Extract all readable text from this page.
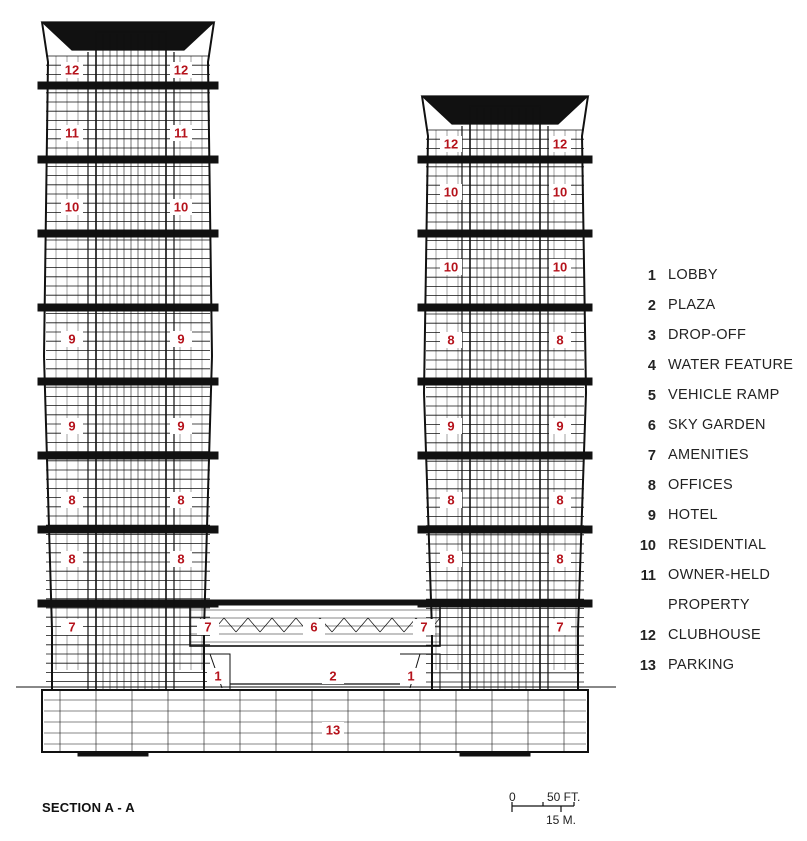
12	12
11	11
10	10
9	9
9	9
8	8
8	8
7
12	12
10	10
10	10
8	8
9	9
8	8
8	8
7
7	7
6
1	1
2
13
1 LOBBY
2 PLAZA
3 DROP-OFF
4 WATER FEATURE
5 VEHICLE RAMP
6 SKY GARDEN
7 AMENITIES
8 OFFICES
9 HOTEL
10 RESIDENTIAL
11 OWNER-HELD PROPERTY
12 CLUBHOUSE
13 PARKING
SECTION A - A
0	50 FT.
15 M.
